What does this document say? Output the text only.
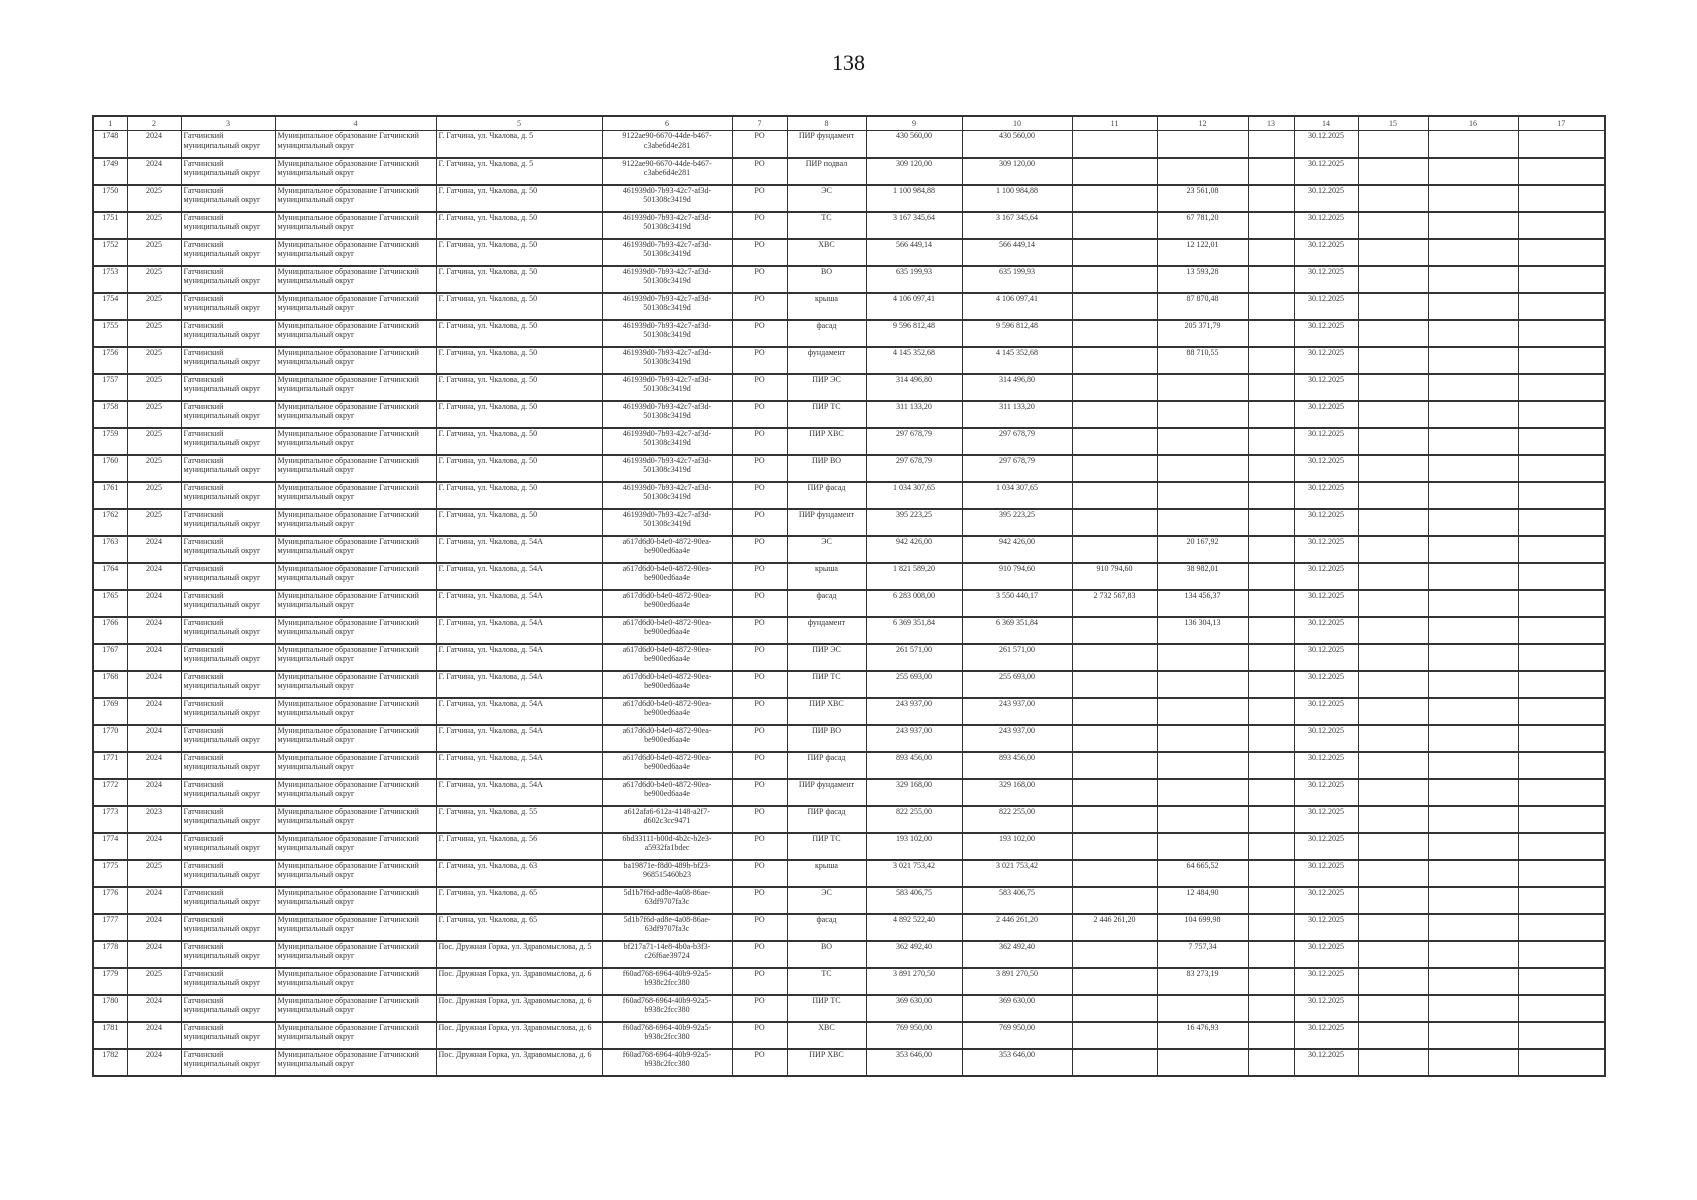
138
1	2	3	4	5	6	7	8	9	10	11	12	13	14	15	16	17
1748	2024	Гатчинский муниципальный округ	Муниципальное образование Гатчинский муниципальный округ	Г. Гатчина, ул. Чкалова, д. 5	9122ae90-6670-44de-b467-c3abe6d4e281	РО	ПИР фундамент	430 560,00	430 560,00				30.12.2025			
1749	2024	Гатчинский муниципальный округ	Муниципальное образование Гатчинский муниципальный округ	Г. Гатчина, ул. Чкалова, д. 5	9122ae90-6670-44de-b467-c3abe6d4e281	РО	ПИР подвал	309 120,00	309 120,00				30.12.2025			
1750	2025	Гатчинский муниципальный округ	Муниципальное образование Гатчинский муниципальный округ	Г. Гатчина, ул. Чкалова, д. 50	461939d0-7b93-42c7-af3d-501308c3419d	РО	ЭС	1 100 984,88	1 100 984,88		23 561,08		30.12.2025			
1751	2025	Гатчинский муниципальный округ	Муниципальное образование Гатчинский муниципальный округ	Г. Гатчина, ул. Чкалова, д. 50	461939d0-7b93-42c7-af3d-501308c3419d	РО	ТС	3 167 345,64	3 167 345,64		67 781,20		30.12.2025			
1752	2025	Гатчинский муниципальный округ	Муниципальное образование Гатчинский муниципальный округ	Г. Гатчина, ул. Чкалова, д. 50	461939d0-7b93-42c7-af3d-501308c3419d	РО	ХВС	566 449,14	566 449,14		12 122,01		30.12.2025			
1753	2025	Гатчинский муниципальный округ	Муниципальное образование Гатчинский муниципальный округ	Г. Гатчина, ул. Чкалова, д. 50	461939d0-7b93-42c7-af3d-501308c3419d	РО	ВО	635 199,93	635 199,93		13 593,28		30.12.2025			
1754	2025	Гатчинский муниципальный округ	Муниципальное образование Гатчинский муниципальный округ	Г. Гатчина, ул. Чкалова, д. 50	461939d0-7b93-42c7-af3d-501308c3419d	РО	крыша	4 106 097,41	4 106 097,41		87 870,48		30.12.2025			
1755	2025	Гатчинский муниципальный округ	Муниципальное образование Гатчинский муниципальный округ	Г. Гатчина, ул. Чкалова, д. 50	461939d0-7b93-42c7-af3d-501308c3419d	РО	фасад	9 596 812,48	9 596 812,48		205 371,79		30.12.2025			
1756	2025	Гатчинский муниципальный округ	Муниципальное образование Гатчинский муниципальный округ	Г. Гатчина, ул. Чкалова, д. 50	461939d0-7b93-42c7-af3d-501308c3419d	РО	фундамент	4 145 352,68	4 145 352,68		88 710,55		30.12.2025			
1757	2025	Гатчинский муниципальный округ	Муниципальное образование Гатчинский муниципальный округ	Г. Гатчина, ул. Чкалова, д. 50	461939d0-7b93-42c7-af3d-501308c3419d	РО	ПИР ЭС	314 496,80	314 496,80				30.12.2025			
1758	2025	Гатчинский муниципальный округ	Муниципальное образование Гатчинский муниципальный округ	Г. Гатчина, ул. Чкалова, д. 50	461939d0-7b93-42c7-af3d-501308c3419d	РО	ПИР ТС	311 133,20	311 133,20				30.12.2025			
1759	2025	Гатчинский муниципальный округ	Муниципальное образование Гатчинский муниципальный округ	Г. Гатчина, ул. Чкалова, д. 50	461939d0-7b93-42c7-af3d-501308c3419d	РО	ПИР ХВС	297 678,79	297 678,79				30.12.2025			
1760	2025	Гатчинский муниципальный округ	Муниципальное образование Гатчинский муниципальный округ	Г. Гатчина, ул. Чкалова, д. 50	461939d0-7b93-42c7-af3d-501308c3419d	РО	ПИР ВО	297 678,79	297 678,79				30.12.2025			
1761	2025	Гатчинский муниципальный округ	Муниципальное образование Гатчинский муниципальный округ	Г. Гатчина, ул. Чкалова, д. 50	461939d0-7b93-42c7-af3d-501308c3419d	РО	ПИР фасад	1 034 307,65	1 034 307,65				30.12.2025			
1762	2025	Гатчинский муниципальный округ	Муниципальное образование Гатчинский муниципальный округ	Г. Гатчина, ул. Чкалова, д. 50	461939d0-7b93-42c7-af3d-501308c3419d	РО	ПИР фундамент	395 223,25	395 223,25				30.12.2025			
1763	2024	Гатчинский муниципальный округ	Муниципальное образование Гатчинский муниципальный округ	Г. Гатчина, ул. Чкалова, д. 54А	a617d6d0-b4e0-4872-90ea-be900ed6aa4e	РО	ЭС	942 426,00	942 426,00		20 167,92		30.12.2025			
1764	2024	Гатчинский муниципальный округ	Муниципальное образование Гатчинский муниципальный округ	Г. Гатчина, ул. Чкалова, д. 54А	a617d6d0-b4e0-4872-90ea-be900ed6aa4e	РО	крыша	1 821 589,20	910 794,60	910 794,60	38 982,01		30.12.2025			
1765	2024	Гатчинский муниципальный округ	Муниципальное образование Гатчинский муниципальный округ	Г. Гатчина, ул. Чкалова, д. 54А	a617d6d0-b4e0-4872-90ea-be900ed6aa4e	РО	фасад	6 283 008,00	3 550 440,17	2 732 567,83	134 456,37		30.12.2025			
1766	2024	Гатчинский муниципальный округ	Муниципальное образование Гатчинский муниципальный округ	Г. Гатчина, ул. Чкалова, д. 54А	a617d6d0-b4e0-4872-90ea-be900ed6aa4e	РО	фундамент	6 369 351,84	6 369 351,84		136 304,13		30.12.2025			
1767	2024	Гатчинский муниципальный округ	Муниципальное образование Гатчинский муниципальный округ	Г. Гатчина, ул. Чкалова, д. 54А	a617d6d0-b4e0-4872-90ea-be900ed6aa4e	РО	ПИР ЭС	261 571,00	261 571,00				30.12.2025			
1768	2024	Гатчинский муниципальный округ	Муниципальное образование Гатчинский муниципальный округ	Г. Гатчина, ул. Чкалова, д. 54А	a617d6d0-b4e0-4872-90ea-be900ed6aa4e	РО	ПИР ТС	255 693,00	255 693,00				30.12.2025			
1769	2024	Гатчинский муниципальный округ	Муниципальное образование Гатчинский муниципальный округ	Г. Гатчина, ул. Чкалова, д. 54А	a617d6d0-b4e0-4872-90ea-be900ed6aa4e	РО	ПИР ХВС	243 937,00	243 937,00				30.12.2025			
1770	2024	Гатчинский муниципальный округ	Муниципальное образование Гатчинский муниципальный округ	Г. Гатчина, ул. Чкалова, д. 54А	a617d6d0-b4e0-4872-90ea-be900ed6aa4e	РО	ПИР ВО	243 937,00	243 937,00				30.12.2025			
1771	2024	Гатчинский муниципальный округ	Муниципальное образование Гатчинский муниципальный округ	Г. Гатчина, ул. Чкалова, д. 54А	a617d6d0-b4e0-4872-90ea-be900ed6aa4e	РО	ПИР фасад	893 456,00	893 456,00				30.12.2025			
1772	2024	Гатчинский муниципальный округ	Муниципальное образование Гатчинский муниципальный округ	Г. Гатчина, ул. Чкалова, д. 54А	a617d6d0-b4e0-4872-90ea-be900ed6aa4e	РО	ПИР фундамент	329 168,00	329 168,00				30.12.2025			
1773	2023	Гатчинский муниципальный округ	Муниципальное образование Гатчинский муниципальный округ	Г. Гатчина, ул. Чкалова, д. 55	a612afa6-612a-4148-a2f7-d602c3cc9471	РО	ПИР фасад	822 255,00	822 255,00				30.12.2025			
1774	2024	Гатчинский муниципальный округ	Муниципальное образование Гатчинский муниципальный округ	Г. Гатчина, ул. Чкалова, д. 56	6bd33111-b00d-4b2c-b2e3-a5932fa1bdec	РО	ПИР ТС	193 102,00	193 102,00				30.12.2025			
1775	2025	Гатчинский муниципальный округ	Муниципальное образование Гатчинский муниципальный округ	Г. Гатчина, ул. Чкалова, д. 63	ba19871e-f8d0-489b-bf23-968515460b23	РО	крыша	3 021 753,42	3 021 753,42		64 665,52		30.12.2025			
1776	2024	Гатчинский муниципальный округ	Муниципальное образование Гатчинский муниципальный округ	Г. Гатчина, ул. Чкалова, д. 65	5d1b7f6d-ad8e-4a08-86ae-63df9707fa3c	РО	ЭС	583 406,75	583 406,75		12 484,90		30.12.2025			
1777	2024	Гатчинский муниципальный округ	Муниципальное образование Гатчинский муниципальный округ	Г. Гатчина, ул. Чкалова, д. 65	5d1b7f6d-ad8e-4a08-86ae-63df9707fa3c	РО	фасад	4 892 522,40	2 446 261,20	2 446 261,20	104 699,98		30.12.2025			
1778	2024	Гатчинский муниципальный округ	Муниципальное образование Гатчинский муниципальный округ	Пос. Дружная Горка, ул. Здравомыслова, д. 5	bf217a71-14e8-4b0a-b3f3-c26f6ae39724	РО	ВО	362 492,40	362 492,40		7 757,34		30.12.2025			
1779	2025	Гатчинский муниципальный округ	Муниципальное образование Гатчинский муниципальный округ	Пос. Дружная Горка, ул. Здравомыслова, д. 6	f60ad768-6964-40b9-92a5-b938c2fcc380	РО	ТС	3 891 270,50	3 891 270,50		83 273,19		30.12.2025			
1780	2024	Гатчинский муниципальный округ	Муниципальное образование Гатчинский муниципальный округ	Пос. Дружная Горка, ул. Здравомыслова, д. 6	f60ad768-6964-40b9-92a5-b938c2fcc380	РО	ПИР ТС	369 630,00	369 630,00				30.12.2025			
1781	2024	Гатчинский муниципальный округ	Муниципальное образование Гатчинский муниципальный округ	Пос. Дружная Горка, ул. Здравомыслова, д. 6	f60ad768-6964-40b9-92a5-b938c2fcc380	РО	ХВС	769 950,00	769 950,00		16 476,93		30.12.2025			
1782	2024	Гатчинский муниципальный округ	Муниципальное образование Гатчинский муниципальный округ	Пос. Дружная Горка, ул. Здравомыслова, д. 6	f60ad768-6964-40b9-92a5-b938c2fcc380	РО	ПИР ХВС	353 646,00	353 646,00				30.12.2025			
